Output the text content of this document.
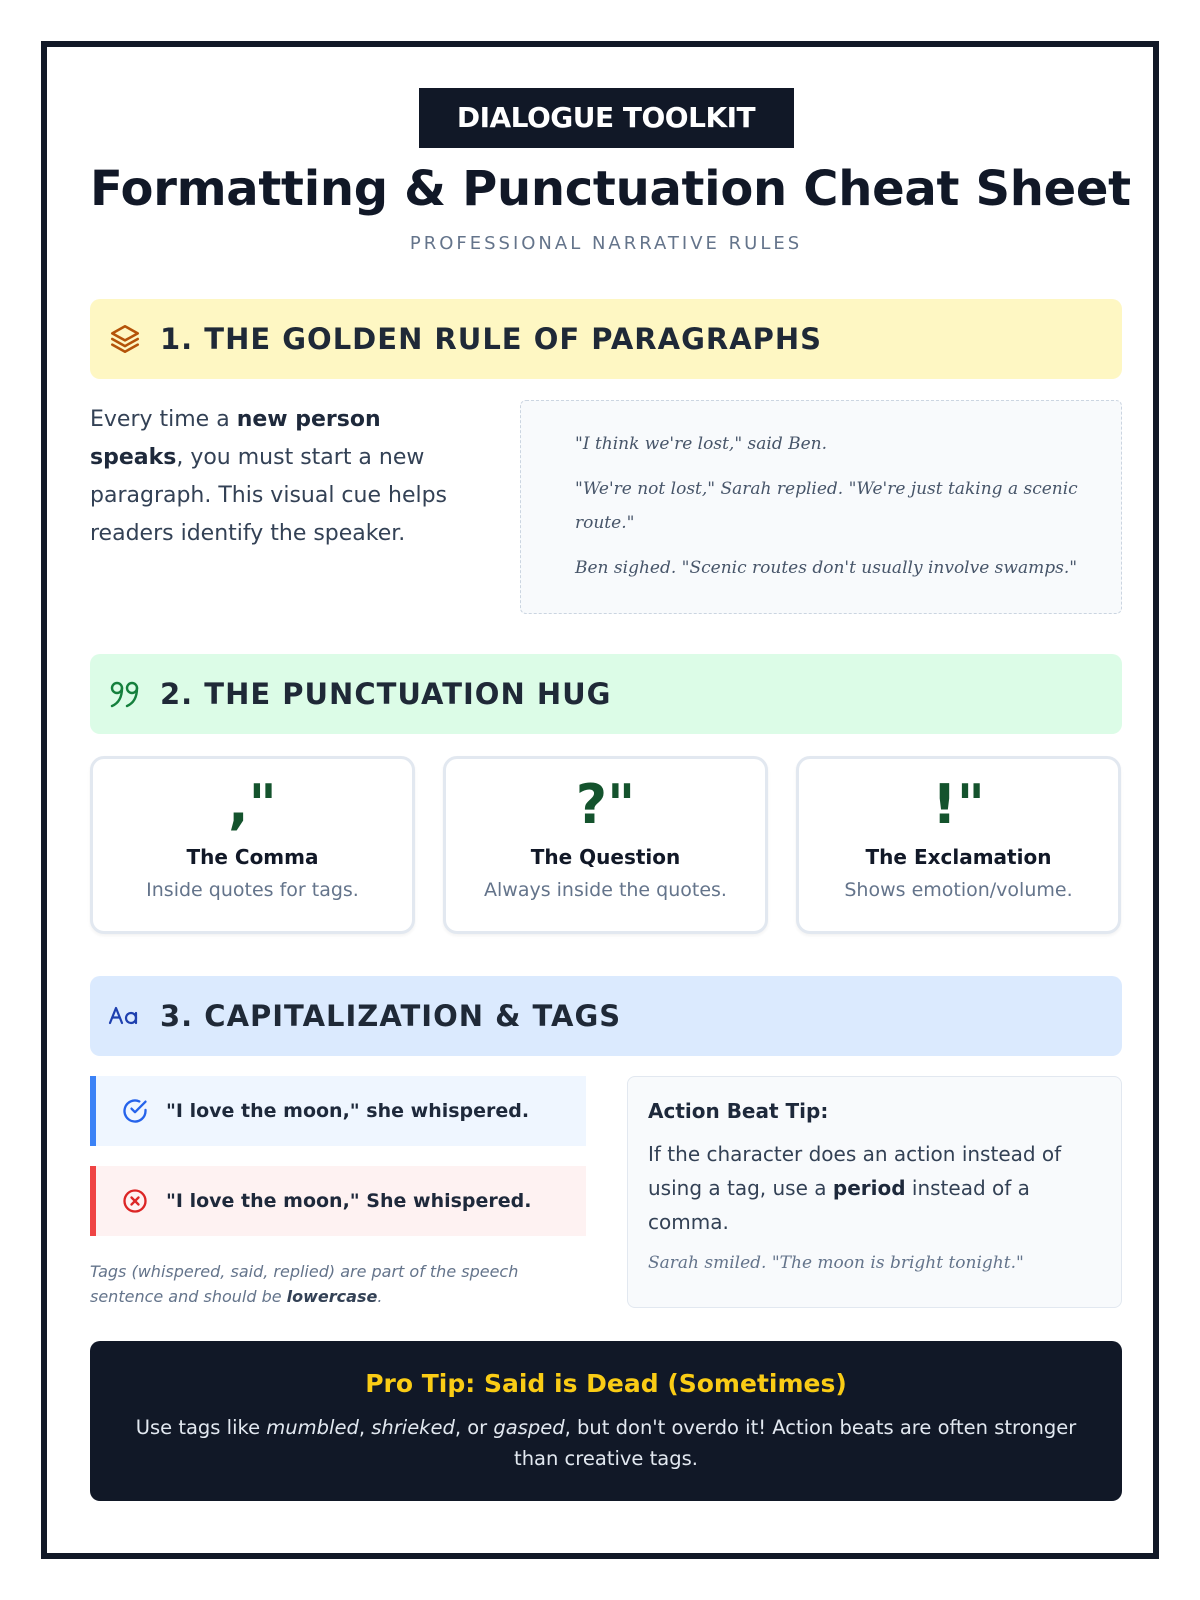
DIALOGUE TOOLKIT
Formatting & Punctuation Cheat Sheet
PROFESSIONAL NARRATIVE RULES
1. THE GOLDEN RULE OF PARAGRAPHS
Every time a new person speaks, you must start a new paragraph. This visual cue helps readers identify the speaker.

"I think we're lost," said Ben.

"We're not lost," Sarah replied. "We're just taking a scenic route."

Ben sighed. "Scenic routes don't usually involve swamps."

2. THE PUNCTUATION HUG
,"
The Comma
Inside quotes for tags.
?"
The Question
Always inside the quotes.
!"
The Exclamation
Shows emotion/volume.
3. CAPITALIZATION & TAGS
"I love the moon," she whispered.
"I love the moon," She whispered.
Tags (whispered, said, replied) are part of the speech sentence and should be lowercase.
Action Beat Tip:
If the character does an action instead of using a tag, use a period instead of a comma.
Sarah smiled. "The moon is bright tonight."
Pro Tip: Said is Dead (Sometimes)
Use tags like mumbled, shrieked, or gasped, but don't overdo it! Action beats are often stronger than creative tags.
